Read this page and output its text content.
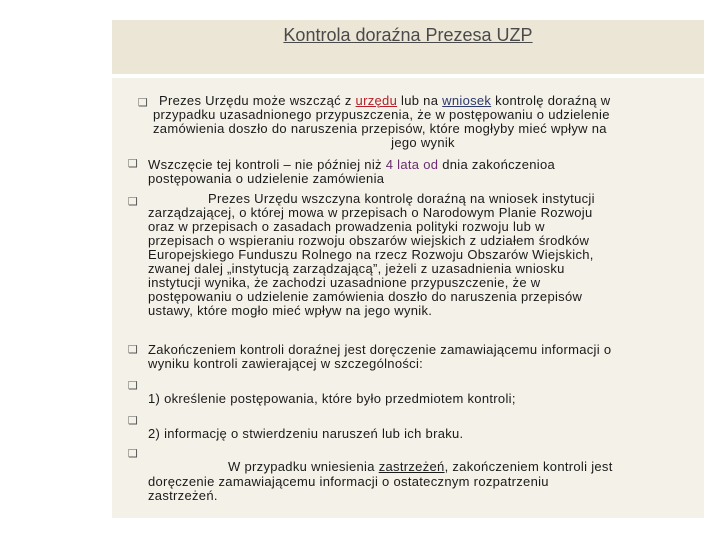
Kontrola doraźna Prezesa UZP
❑
❑
❑
❑
❑
❑
❑
Prezes Urzędu może wszcząć z urzędu lub na wniosek kontrolę doraźną w
przypadku uzasadnionego przypuszczenia, że w postępowaniu o udzielenie
zamówienia doszło do naruszenia przepisów, które mogłyby mieć wpływ na
jego wynik
Wszczęcie tej kontroli – nie później niż 4 lata od dnia zakończenioa
postępowania o udzielenie zamówienia
Prezes Urzędu wszczyna kontrolę doraźną na wniosek instytucji
zarządzającej, o której mowa w przepisach o Narodowym Planie Rozwoju
oraz w przepisach o zasadach prowadzenia polityki rozwoju lub w
przepisach o wspieraniu rozwoju obszarów wiejskich z udziałem środków
Europejskiego Funduszu Rolnego na rzecz Rozwoju Obszarów Wiejskich,
zwanej dalej „instytucją zarządzającą”, jeżeli z uzasadnienia wniosku
instytucji wynika, że zachodzi uzasadnione przypuszczenie, że w
postępowaniu o udzielenie zamówienia doszło do naruszenia przepisów
ustawy, które mogło mieć wpływ na jego wynik.
Zakończeniem kontroli doraźnej jest doręczenie zamawiającemu informacji o
wyniku kontroli zawierającej w szczególności:
1) określenie postępowania, które było przedmiotem kontroli;
2) informację o stwierdzeniu naruszeń lub ich braku.
W przypadku wniesienia zastrzeżeń, zakończeniem kontroli jest
doręczenie zamawiającemu informacji o ostatecznym rozpatrzeniu
zastrzeżeń.
